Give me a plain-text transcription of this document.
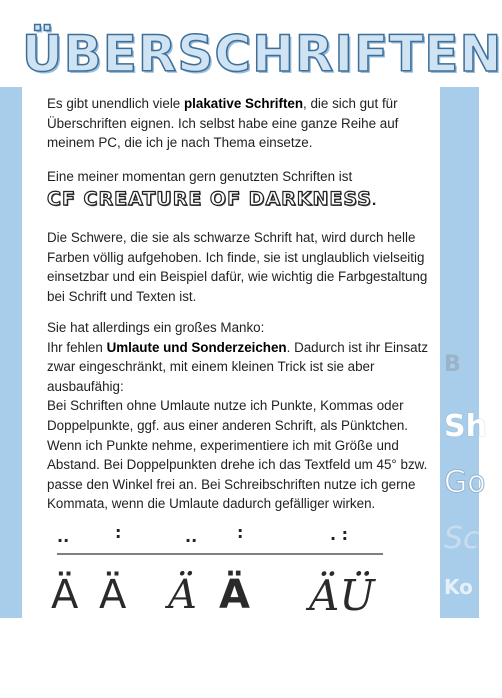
B
Sh
Go
Sc
Ko
ÜBERSCHRIFTEN

Es gibt unendlich viele plakative Schriften, die sich gut für Überschriften eignen. Ich selbst habe eine ganze Reihe auf meinem PC, die ich je nach Thema einsetze.

Eine meiner momentan gern genutzten Schriften ist

CF CREATURE OF DARKNESS.

Die Schwere, die sie als schwarze Schrift hat, wird durch helle Farben völlig aufgehoben. Ich finde, sie ist unglaublich vielseitig einsetzbar und ein Beispiel dafür, wie wichtig die Farbgestaltung bei Schrift und Texten ist.

Sie hat allerdings ein großes Manko:

Ihr fehlen Umlaute und Sonderzeichen. Dadurch ist ihr Einsatz zwar eingeschränkt, mit einem kleinen Trick ist sie aber ausbaufähig:

Bei Schriften ohne Umlaute nutze ich Punkte, Kommas oder Doppelpunkte, ggf. aus einer anderen Schrift, als Pünktchen. Wenn ich Punkte nehme, experimentiere ich mit Größe und Abstand. Bei Doppelpunkten drehe ich das Textfeld um 45° bzw. passe den Winkel frei an. Bei Schreibschriften nutze ich gerne Kommata, wenn die Umlaute dadurch gefälliger wirken.

..	:	.. :	. :
Ä Ä Ä Ä ÄÜ
